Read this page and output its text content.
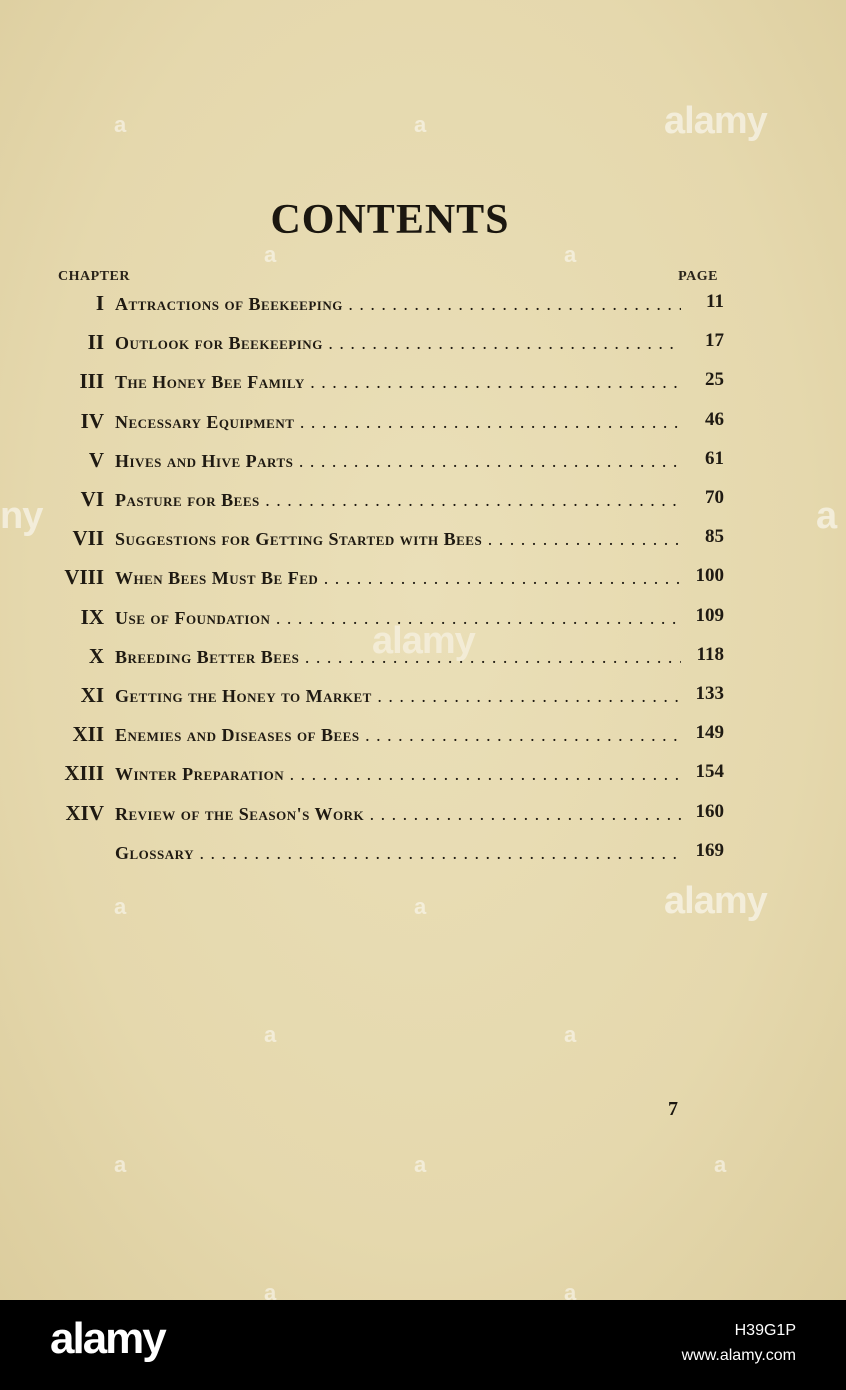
CONTENTS
CHAPTER	PAGE
I Attractions of Beekeeping . . .	11
II Outlook for Beekeeping . . .	17
III The Honey Bee Family . . .	25
IV Necessary Equipment . . .	46
V Hives and Hive Parts . . .	61
VI Pasture for Bees . . .	70
VII Suggestions for Getting Started with Bees . . .	85
VIII When Bees Must Be Fed . . .	100
IX Use of Foundation . . .	109
X Breeding Better Bees . . .	118
XI Getting the Honey to Market . . .	133
XII Enemies and Diseases of Bees . . .	149
XIII Winter Preparation . . .	154
XIV Review of the Season's Work . . .	160
Glossary . . .	169
7
alamy
alamy
alamy
ny	a
a	a
a	a
a	a
a	a
a	a	a
a	a
alamy	H39G1P
www.alamy.com
